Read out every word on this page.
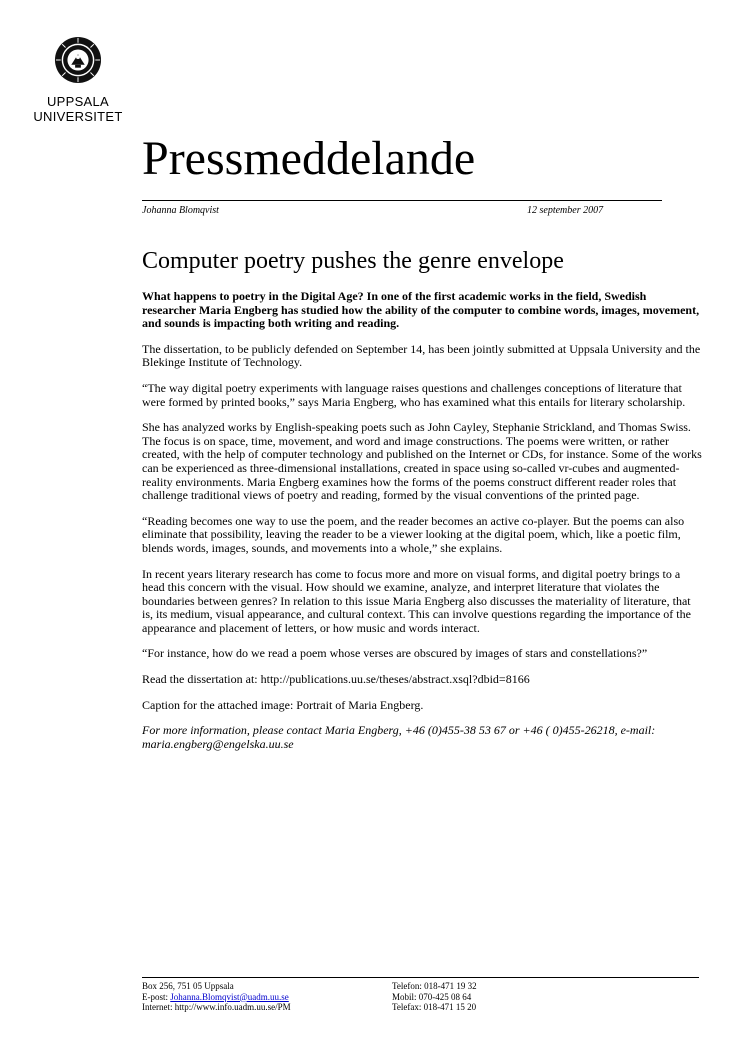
UPPSALA
UNIVERSITET
Pressmeddelande
Johanna Blomqvist	12 september 2007
Computer poetry pushes the genre envelope

What happens to poetry in the Digital Age? In one of the first academic works in the field, Swedish researcher Maria Engberg has studied how the ability of the computer to combine words, images, movement, and sounds is impacting both writing and reading.

The dissertation, to be publicly defended on September 14, has been jointly submitted at Uppsala University and the Blekinge Institute of Technology.

“The way digital poetry experiments with language raises questions and challenges conceptions of literature that were formed by printed books,” says Maria Engberg, who has examined what this entails for literary scholarship.

She has analyzed works by English-speaking poets such as John Cayley, Stephanie Strickland, and Thomas Swiss. The focus is on space, time, movement, and word and image constructions. The poems were written, or rather created, with the help of computer technology and published on the Internet or CDs, for instance. Some of the works can be experienced as three-dimensional installations, created in space using so-called vr-cubes and augmented-reality environments. Maria Engberg examines how the forms of the poems construct different reader roles that challenge traditional views of poetry and reading, formed by the visual conventions of the printed page.

“Reading becomes one way to use the poem, and the reader becomes an active co-player. But the poems can also eliminate that possibility, leaving the reader to be a viewer looking at the digital poem, which, like a poetic film, blends words, images, sounds, and movements into a whole,” she explains.

In recent years literary research has come to focus more and more on visual forms, and digital poetry brings to a head this concern with the visual. How should we examine, analyze, and interpret literature that violates the boundaries between genres? In relation to this issue Maria Engberg also discusses the materiality of literature, that is, its medium, visual appearance, and cultural context. This can involve questions regarding the importance of the appearance and placement of letters, or how music and words interact.

“For instance, how do we read a poem whose verses are obscured by images of stars and constellations?”

Read the dissertation at: http://publications.uu.se/theses/abstract.xsql?dbid=8166

Caption for the attached image: Portrait of Maria Engberg.

For more information, please contact Maria Engberg, +46 (0)455-38 53 67 or +46 ( 0)455-26218, e-mail: maria.engberg@engelska.uu.se

Box 256, 751 05 Uppsala
E-post: Johanna.Blomqvist@uadm.uu.se
Internet: http://www.info.uadm.uu.se/PM
Telefon: 018-471 19 32
Mobil: 070-425 08 64
Telefax: 018-471 15 20
